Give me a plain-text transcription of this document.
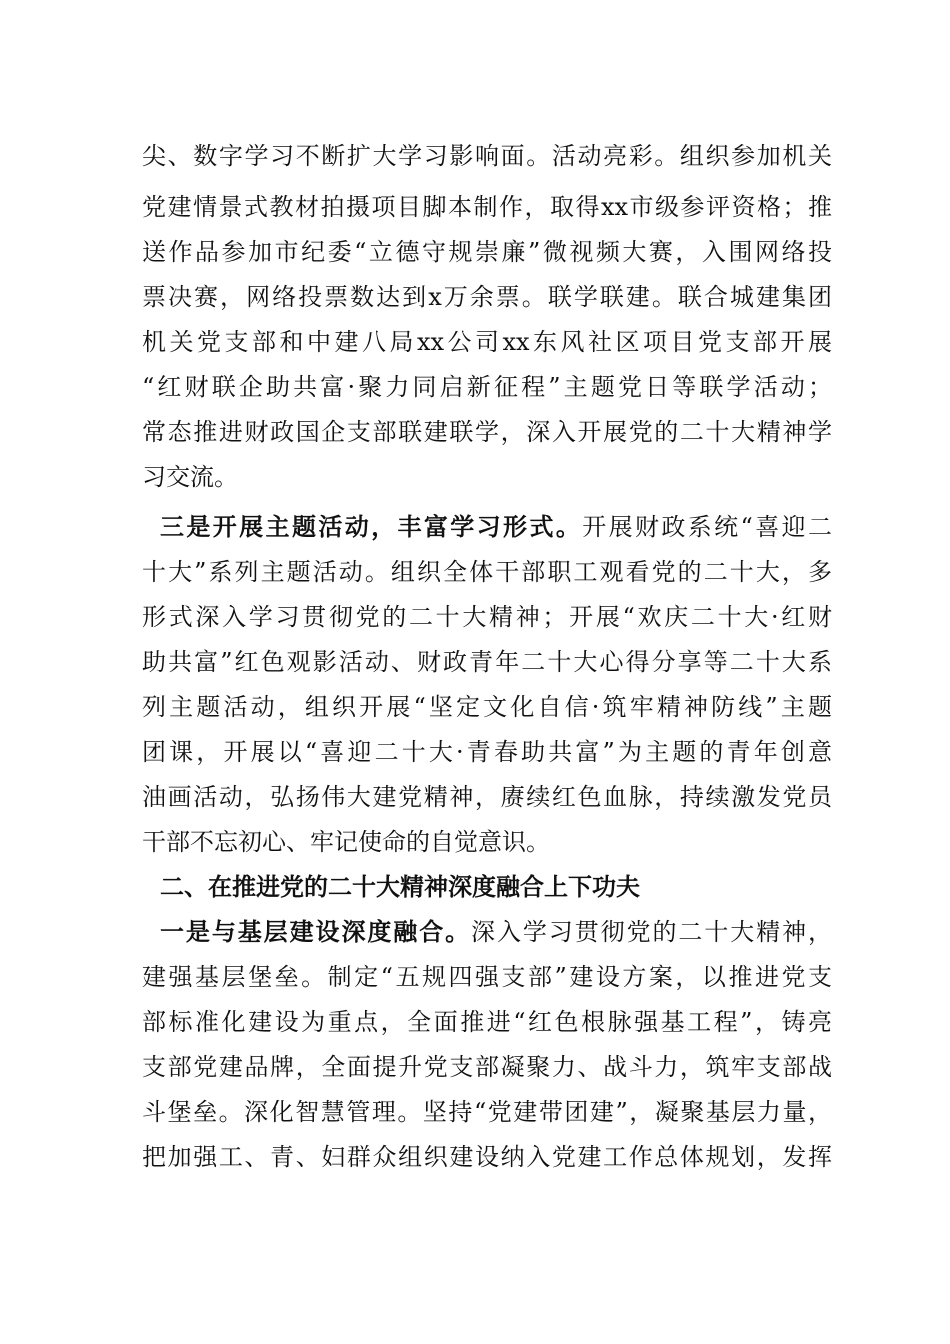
尖、数字学习不断扩大学习影响面。活动亮彩。组织参加机关
党建情景式教材拍摄项目脚本制作，取得xx市级参评资格；推
送作品参加市纪委“立德守规崇廉”微视频大赛，入围网络投
票决赛，网络投票数达到x万余票。联学联建。联合城建集团
机关党支部和中建八局xx公司xx东风社区项目党支部开展
“红财联企助共富·聚力同启新征程”主题党日等联学活动；
常态推进财政国企支部联建联学，深入开展党的二十大精神学
习交流。
三是开展主题活动，丰富学习形式。开展财政系统“喜迎二
十大”系列主题活动。组织全体干部职工观看党的二十大，多
形式深入学习贯彻党的二十大精神；开展“欢庆二十大·红财
助共富”红色观影活动、财政青年二十大心得分享等二十大系
列主题活动，组织开展“坚定文化自信·筑牢精神防线”主题
团课，开展以“喜迎二十大·青春助共富”为主题的青年创意
油画活动，弘扬伟大建党精神，赓续红色血脉，持续激发党员
干部不忘初心、牢记使命的自觉意识。
二、在推进党的二十大精神深度融合上下功夫
一是与基层建设深度融合。深入学习贯彻党的二十大精神，
建强基层堡垒。制定“五规四强支部”建设方案，以推进党支
部标准化建设为重点，全面推进“红色根脉强基工程”，铸亮
支部党建品牌，全面提升党支部凝聚力、战斗力，筑牢支部战
斗堡垒。深化智慧管理。坚持“党建带团建”，凝聚基层力量，
把加强工、青、妇群众组织建设纳入党建工作总体规划，发挥
